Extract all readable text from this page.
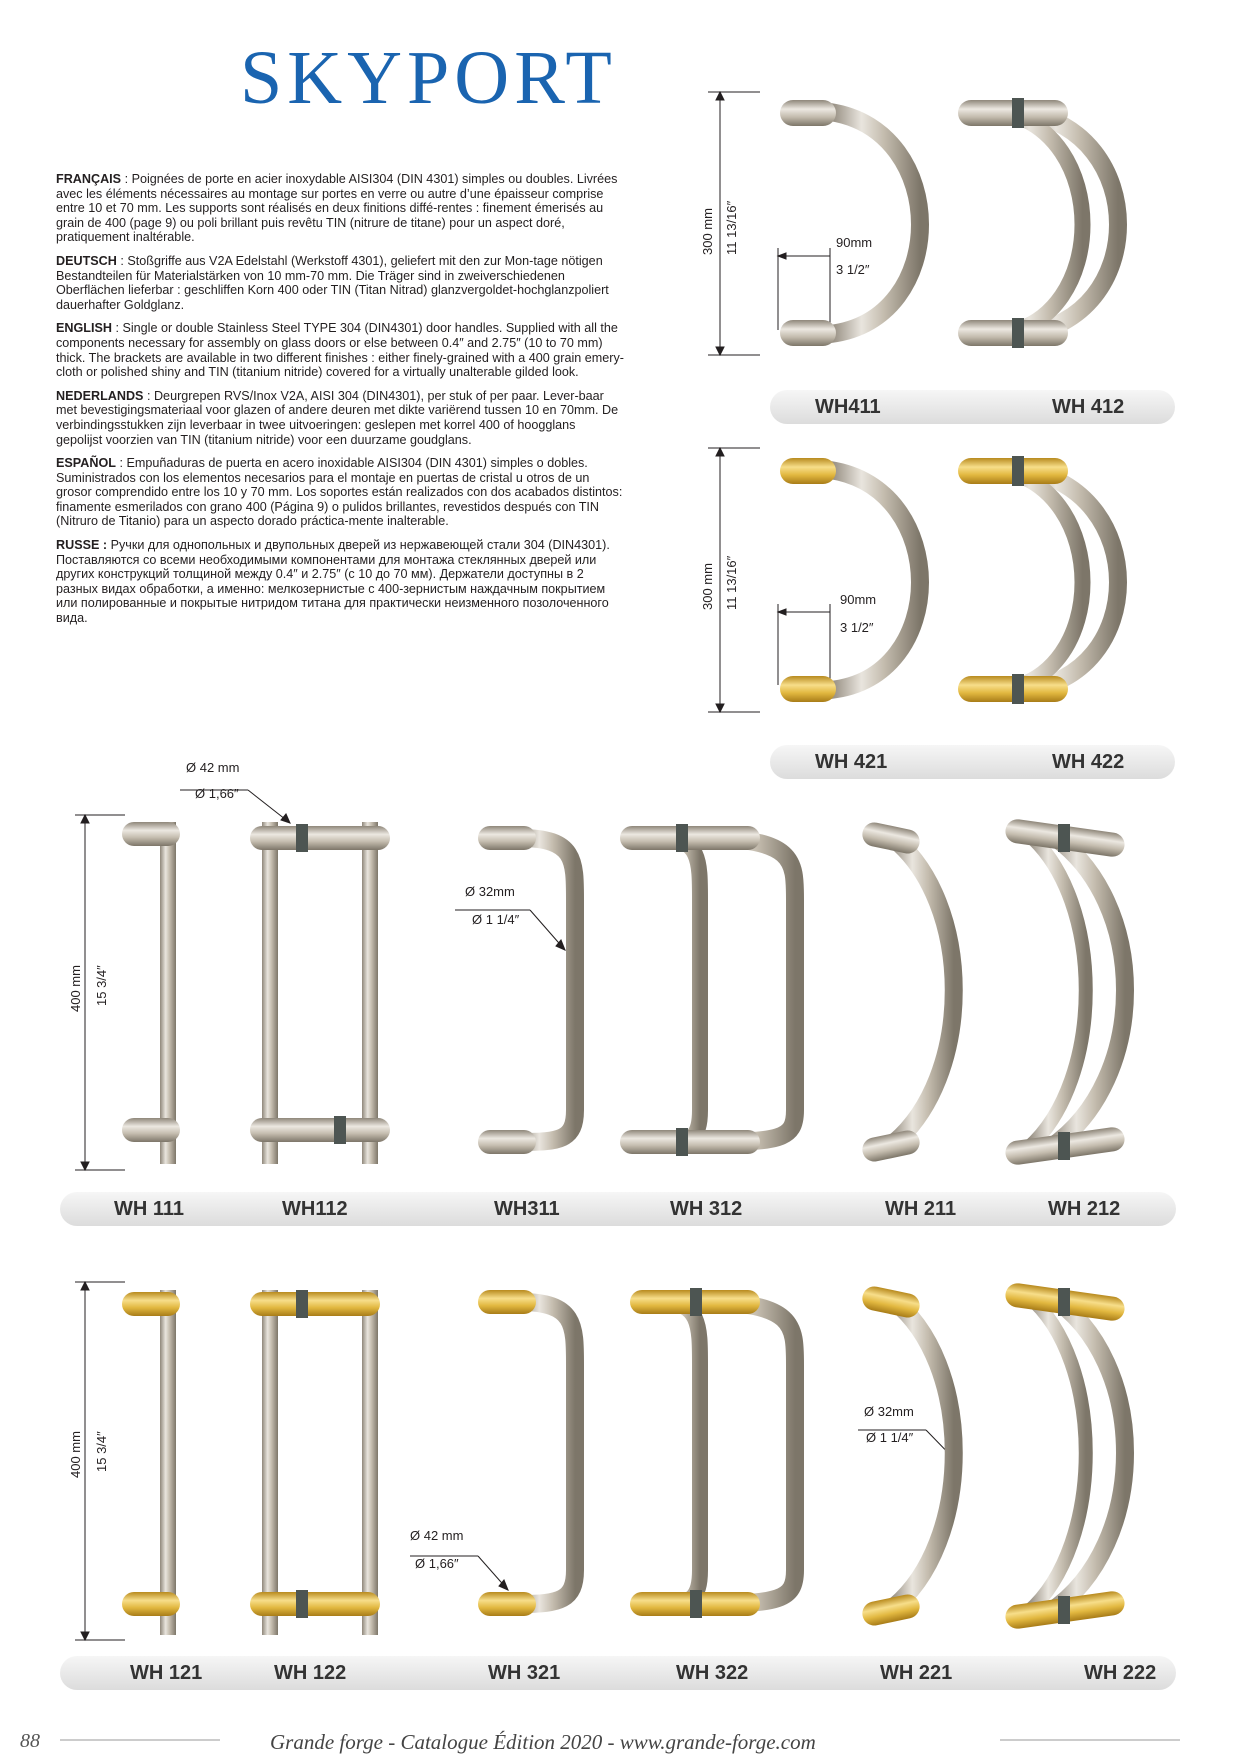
SKYPORT

FRANÇAIS : Poignées de porte en acier inoxydable AISI304 (DIN 4301) simples ou doubles. Livrées avec les éléments nécessaires au montage sur portes en verre ou autre d’une épaisseur comprise entre 10 et 70 mm. Les supports sont réalisés en deux finitions diffé-rentes : finement émerisés au grain de 400 (page 9) ou poli brillant puis revêtu TIN (nitrure de titane) pour un aspect doré, pratiquement inaltérable.

DEUTSCH : Stoßgriffe aus V2A Edelstahl (Werkstoff 4301), geliefert mit den zur Mon-tage nötigen Bestandteilen für Materialstärken von 10 mm-70 mm. Die Träger sind in zweiverschiedenen Oberflächen lieferbar : geschliffen Korn 400 oder TIN (Titan Nitrad) glanzvergoldet-hochglanzpoliert dauerhafter Goldglanz.

ENGLISH : Single or double Stainless Steel TYPE 304 (DIN4301) door handles. Supplied with all the components necessary for assembly on glass doors or else between 0.4″ and 2.75″ (10 to 70 mm) thick. The brackets are available in two different finishes : either finely-grained with a 400 grain emery-cloth or polished shiny and TIN (titanium nitride) covered for a virtually unalterable gilded look.

NEDERLANDS : Deurgrepen RVS/Inox V2A, AISI 304 (DIN4301), per stuk of per paar. Lever-baar met bevestigingsmateriaal voor glazen of andere deuren met dikte variërend tussen 10 en 70mm. De verbindingsstukken zijn leverbaar in twee uitvoeringen: geslepen met korrel 400 of hoogglans gepolijst voorzien van TIN (titanium nitride) voor een duurzame goudglans.

ESPAÑOL : Empuñaduras de puerta en acero inoxidable AISI304 (DIN 4301) simples o dobles. Suministrados con los elementos necesarios para el montaje en puertas de cristal u otros de un grosor comprendido entre los 10 y 70 mm. Los soportes están realizados con dos acabados distintos: finamente esmerilados con grano 400 (Página 9) o pulidos brillantes, revestidos después con TIN (Nitruro de Titanio) para un aspecto dorado práctica-mente inalterable.

RUSSE : Ручки для однопольных и двупольных дверей из нержавеющей стали 304 (DIN4301). Поставляются со всеми необходимыми компонентами для монтажа стеклянных дверей или других конструкций толщиной между 0.4″ и 2.75″ (с 10 до 70 мм). Держатели доступны в 2 разных видах обработки, а именно: мелкозернистые с 400-зернистым наждачным покрытием или полированные и покрытые нитридом титана для практически неизменного позолоченного вида.

300 mm 11 13/16″	90mm
3 1/2″
300 mm 11 13/16″	90mm
3 1/2″
Ø 42 mm
Ø 1,66″
Ø 32mm
Ø 1 1/4″
400 mm 15 3/4″
Ø 42 mm
Ø 1,66″
Ø 32mm
Ø 1 1/4″
400 mm 15 3/4″
WH411	WH 412
WH 421	WH 422
WH 111	WH112	WH311	WH 312	WH 211	WH 212
WH 121	WH 122	WH 321	WH 322	WH 221	WH 222
88	Grande forge - Catalogue Édition 2020 - www.grande-forge.com
